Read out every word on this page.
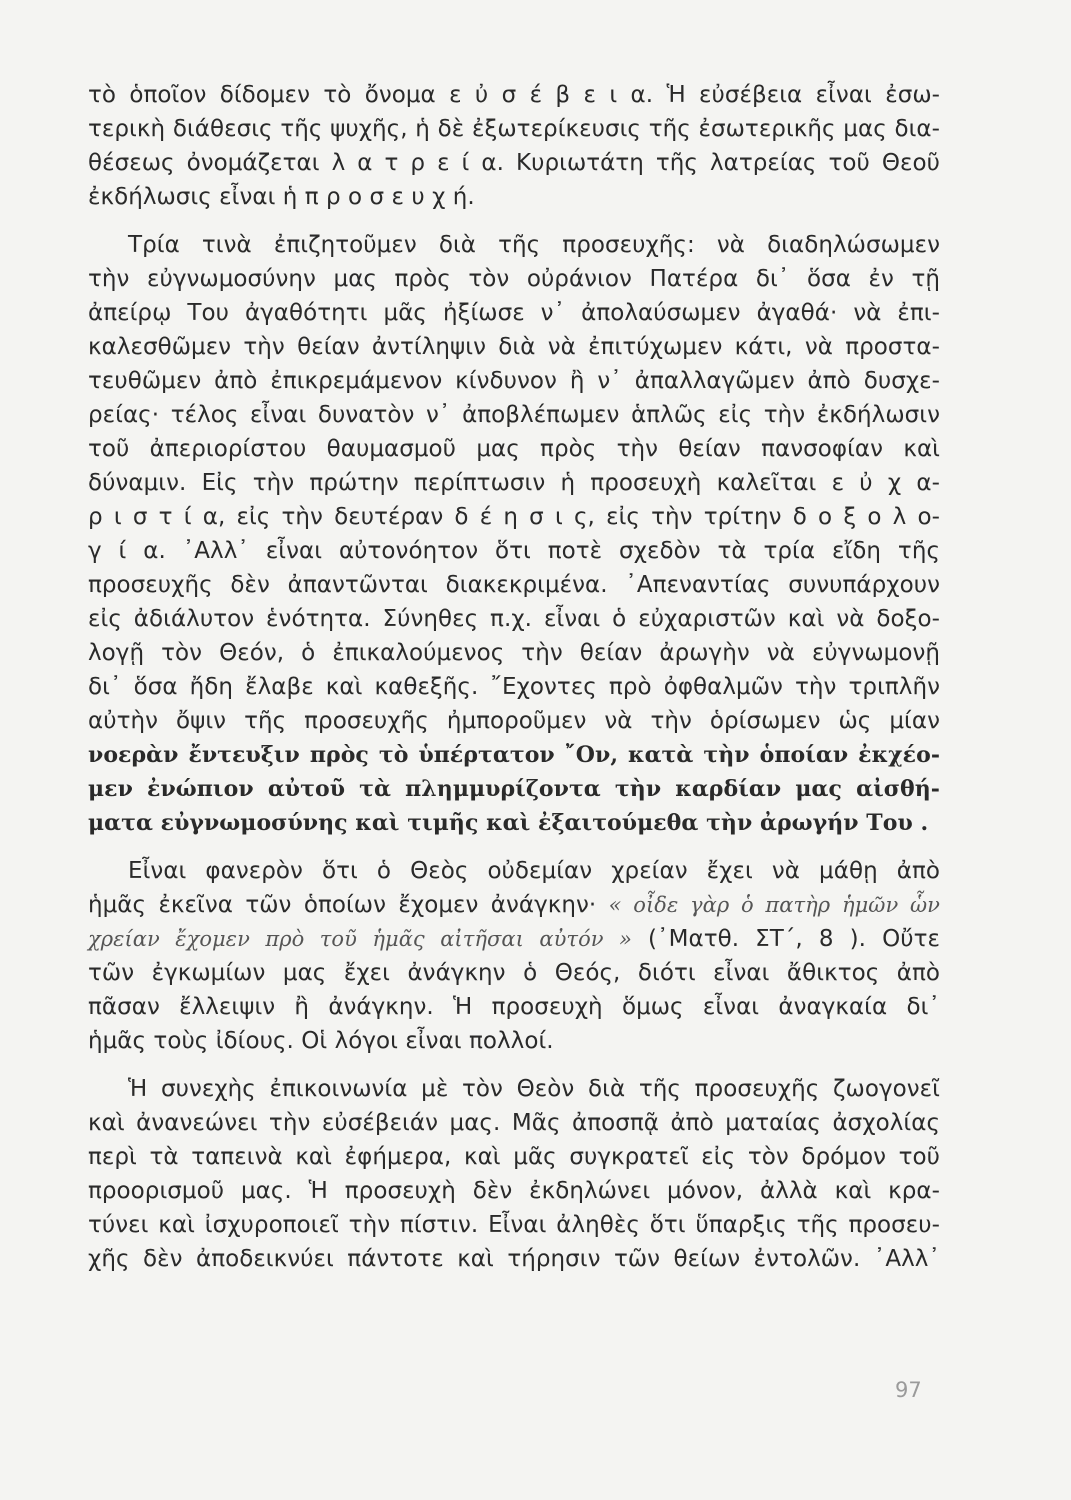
τὸ ὁποῖον δίδομεν τὸ ὄνομα ε ὐ σ έ β ε ι α. Ἡ εὐσέβεια εἶναι ἐσω-
τερικὴ διάθεσις τῆς ψυχῆς, ἡ δὲ ἐξωτερίκευσις τῆς ἐσωτερικῆς μας δια-
θέσεως ὀνομάζεται λ α τ ρ ε ί α. Κυριωτάτη τῆς λατρείας τοῦ Θεοῦ
ἐκδήλωσις εἶναι ἡ π ρ ο σ ε υ χ ή.
Τρία τινὰ ἐπιζητοῦμεν διὰ τῆς προσευχῆς: νὰ διαδηλώσωμεν
τὴν εὐγνωμοσύνην μας πρὸς τὸν οὐράνιον Πατέρα δι᾽ ὅσα ἐν τῇ
ἀπείρῳ Του ἀγαθότητι μᾶς ἠξίωσε ν᾽ ἀπολαύσωμεν ἀγαθά· νὰ ἐπι-
καλεσθῶμεν τὴν θείαν ἀντίληψιν διὰ νὰ ἐπιτύχωμεν κάτι, νὰ προστα-
τευθῶμεν ἀπὸ ἐπικρεμάμενον κίνδυνον ἢ ν᾽ ἀπαλλαγῶμεν ἀπὸ δυσχε-
ρείας· τέλος εἶναι δυνατὸν ν᾽ ἀποβλέπωμεν ἁπλῶς εἰς τὴν ἐκδήλωσιν
τοῦ ἀπεριορίστου θαυμασμοῦ μας πρὸς τὴν θείαν πανσοφίαν καὶ
δύναμιν. Εἰς τὴν πρώτην περίπτωσιν ἡ προσευχὴ καλεῖται ε ὐ χ α-
ρ ι σ τ ί α, εἰς τὴν δευτέραν δ έ η σ ι ς, εἰς τὴν τρίτην δ ο ξ ο λ ο-
γ ί α. ᾿Αλλ᾽ εἶναι αὐτονόητον ὅτι ποτὲ σχεδὸν τὰ τρία εἴδη τῆς
προσευχῆς δὲν ἀπαντῶνται διακεκριμένα. ᾿Απεναντίας συνυπάρχουν
εἰς ἀδιάλυτον ἑνότητα. Σύνηθες π.χ. εἶναι ὁ εὐχαριστῶν καὶ νὰ δοξο-
λογῇ τὸν Θεόν, ὁ ἐπικαλούμενος τὴν θείαν ἀρωγὴν νὰ εὐγνωμονῇ
δι᾽ ὅσα ἤδη ἔλαβε καὶ καθεξῆς. ῎Εχοντες πρὸ ὀφθαλμῶν τὴν τριπλῆν
αὐτὴν ὄψιν τῆς προσευχῆς ἠμποροῦμεν νὰ τὴν ὁρίσωμεν ὡς μίαν
νοερὰν ἔντευξιν πρὸς τὸ ὑπέρτατον ῎Ον, κατὰ τὴν ὁποίαν ἐκχέο-
μεν ἐνώπιον αὐτοῦ τὰ πλημμυρίζοντα τὴν καρδίαν μας αἰσθή-
ματα εὐγνωμοσύνης καὶ τιμῆς καὶ ἐξαιτούμεθα τὴν ἀρωγήν Του .
Εἶναι φανερὸν ὅτι ὁ Θεὸς οὐδεμίαν χρείαν ἔχει νὰ μάθῃ ἀπὸ
ἡμᾶς ἐκεῖνα τῶν ὁποίων ἔχομεν ἀνάγκην· « οἶδε γὰρ ὁ πατὴρ ἡμῶν ὧν
χρείαν ἔχομεν πρὸ τοῦ ἡμᾶς αἰτῆσαι αὐτόν » (᾿Ματθ. ΣΤ΄, 8 ). Οὔτε
τῶν ἐγκωμίων μας ἔχει ἀνάγκην ὁ Θεός, διότι εἶναι ἄθικτος ἀπὸ
πᾶσαν ἔλλειψιν ἢ ἀνάγκην. Ἡ προσευχὴ ὅμως εἶναι ἀναγκαία δι᾽
ἡμᾶς τοὺς ἰδίους. Οἱ λόγοι εἶναι πολλοί.
Ἡ συνεχὴς ἐπικοινωνία μὲ τὸν Θεὸν διὰ τῆς προσευχῆς ζωογονεῖ
καὶ ἀνανεώνει τὴν εὐσέβειάν μας. Μᾶς ἀποσπᾷ ἀπὸ ματαίας ἀσχολίας
περὶ τὰ ταπεινὰ καὶ ἐφήμερα, καὶ μᾶς συγκρατεῖ εἰς τὸν δρόμον τοῦ
προορισμοῦ μας. Ἡ προσευχὴ δὲν ἐκδηλώνει μόνον, ἀλλὰ καὶ κρα-
τύνει καὶ ἰσχυροποιεῖ τὴν πίστιν. Εἶναι ἀληθὲς ὅτι ὕπαρξις τῆς προσευ-
χῆς δὲν ἀποδεικνύει πάντοτε καὶ τήρησιν τῶν θείων ἐντολῶν. ᾿Αλλ᾽
97
